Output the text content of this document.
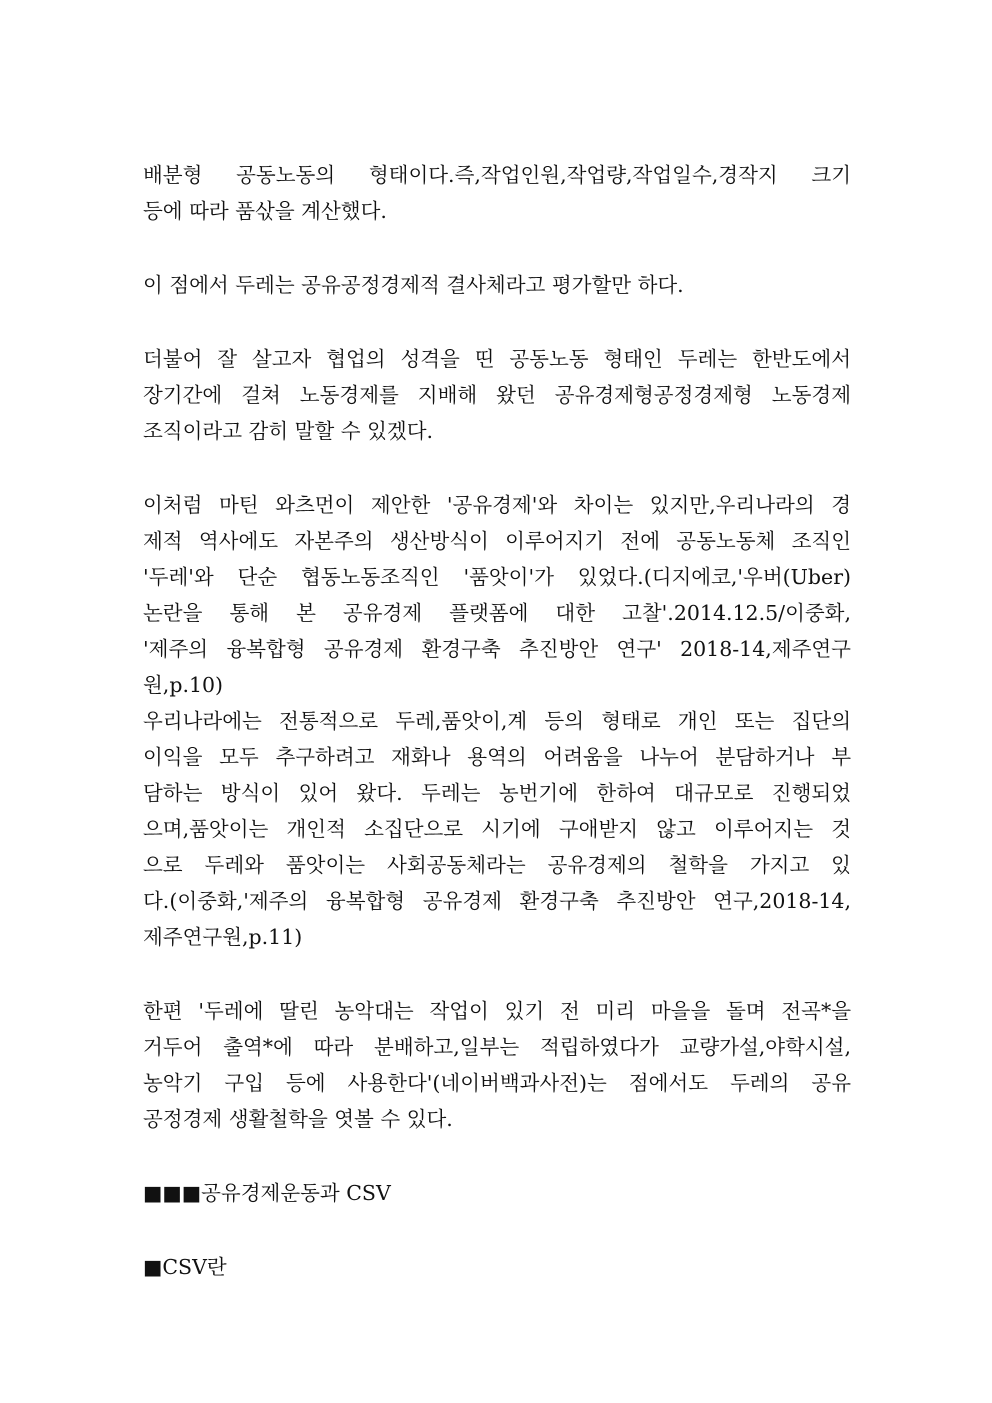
배분형 공동노동의 형태이다.즉,작업인원,작업량,작업일수,경작지 크기
등에 따라 품삯을 계산했다.
이 점에서 두레는 공유공정경제적 결사체라고 평가할만 하다.
더불어 잘 살고자 협업의 성격을 띤 공동노동 형태인 두레는 한반도에서
장기간에 걸쳐 노동경제를 지배해 왔던 공유경제형공정경제형 노동경제
조직이라고 감히 말할 수 있겠다.
이처럼 마틴 와츠먼이 제안한 '공유경제'와 차이는 있지만,우리나라의 경
제적 역사에도 자본주의 생산방식이 이루어지기 전에 공동노동체 조직인
'두레'와 단순 협동노동조직인 '품앗이'가 있었다.(디지에코,'우버(Uber)
논란을 통해 본 공유경제 플랫폼에 대한 고찰'.2014.12.5/이중화,
'제주의 융복합형 공유경제 환경구축 추진방안 연구' 2018-14,제주연구
원,p.10)
우리나라에는 전통적으로 두레,품앗이,계 등의 형태로 개인 또는 집단의
이익을 모두 추구하려고 재화나 용역의 어려움을 나누어 분담하거나 부
담하는 방식이 있어 왔다. 두레는 농번기에 한하여 대규모로 진행되었
으며,품앗이는 개인적 소집단으로 시기에 구애받지 않고 이루어지는 것
으로 두레와 품앗이는 사회공동체라는 공유경제의 철학을 가지고 있
다.(이중화,'제주의 융복합형 공유경제 환경구축 추진방안 연구,2018-14,
제주연구원,p.11)
한편 '두레에 딸린 농악대는 작업이 있기 전 미리 마을을 돌며 전곡*을
거두어 출역*에 따라 분배하고,일부는 적립하였다가 교량가설,야학시설,
농악기 구입 등에 사용한다'(네이버백과사전)는 점에서도 두레의 공유
공정경제 생활철학을 엿볼 수 있다.
■■■공유경제운동과 CSV
■CSV란
